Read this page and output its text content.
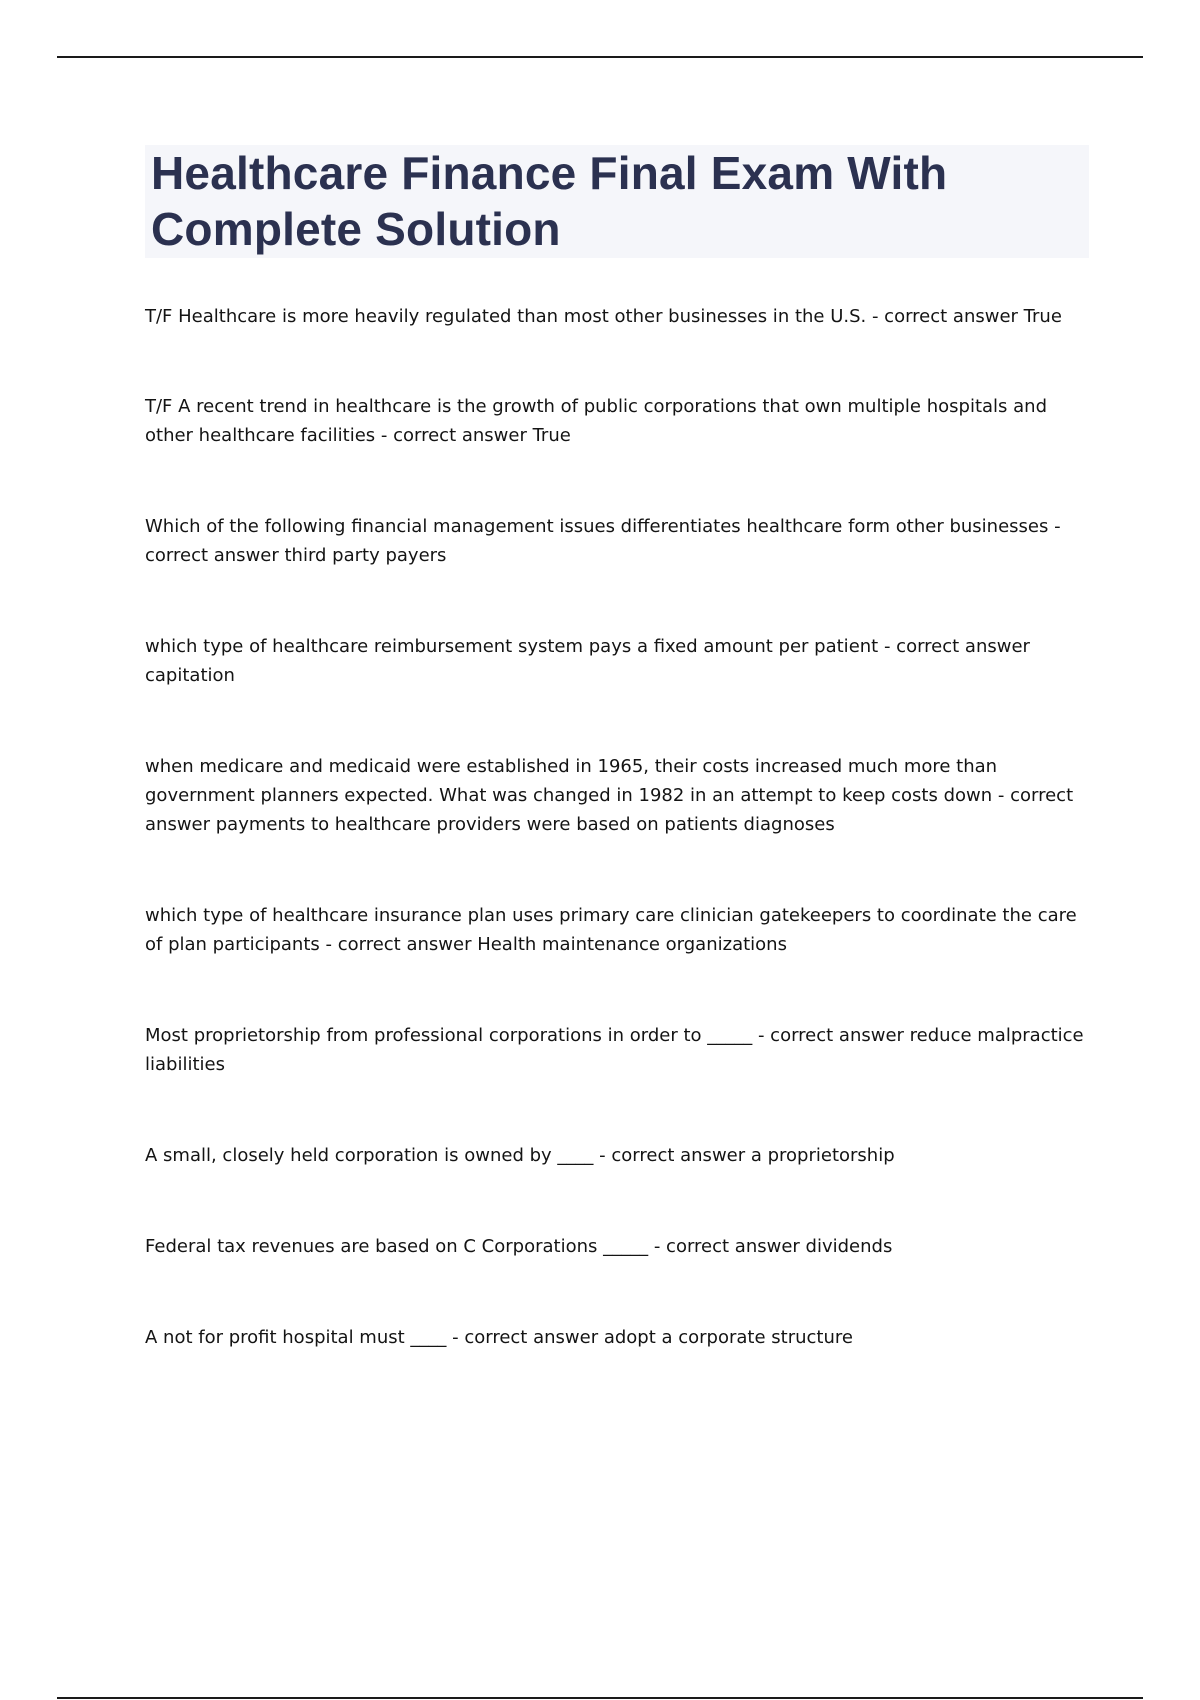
Healthcare Finance Final Exam With Complete Solution

T/F Healthcare is more heavily regulated than most other businesses in the U.S. - correct answer True

T/F A recent trend in healthcare is the growth of public corporations that own multiple hospitals and other healthcare facilities - correct answer True

Which of the following financial management issues differentiates healthcare form other businesses - correct answer third party payers

which type of healthcare reimbursement system pays a fixed amount per patient - correct answer capitation

when medicare and medicaid were established in 1965, their costs increased much more than government planners expected. What was changed in 1982 in an attempt to keep costs down - correct answer payments to healthcare providers were based on patients diagnoses

which type of healthcare insurance plan uses primary care clinician gatekeepers to coordinate the care of plan participants - correct answer Health maintenance organizations

Most proprietorship from professional corporations in order to _____ - correct answer reduce malpractice liabilities

A small, closely held corporation is owned by ____ - correct answer a proprietorship

Federal tax revenues are based on C Corporations _____ - correct answer dividends

A not for profit hospital must ____ - correct answer adopt a corporate structure
